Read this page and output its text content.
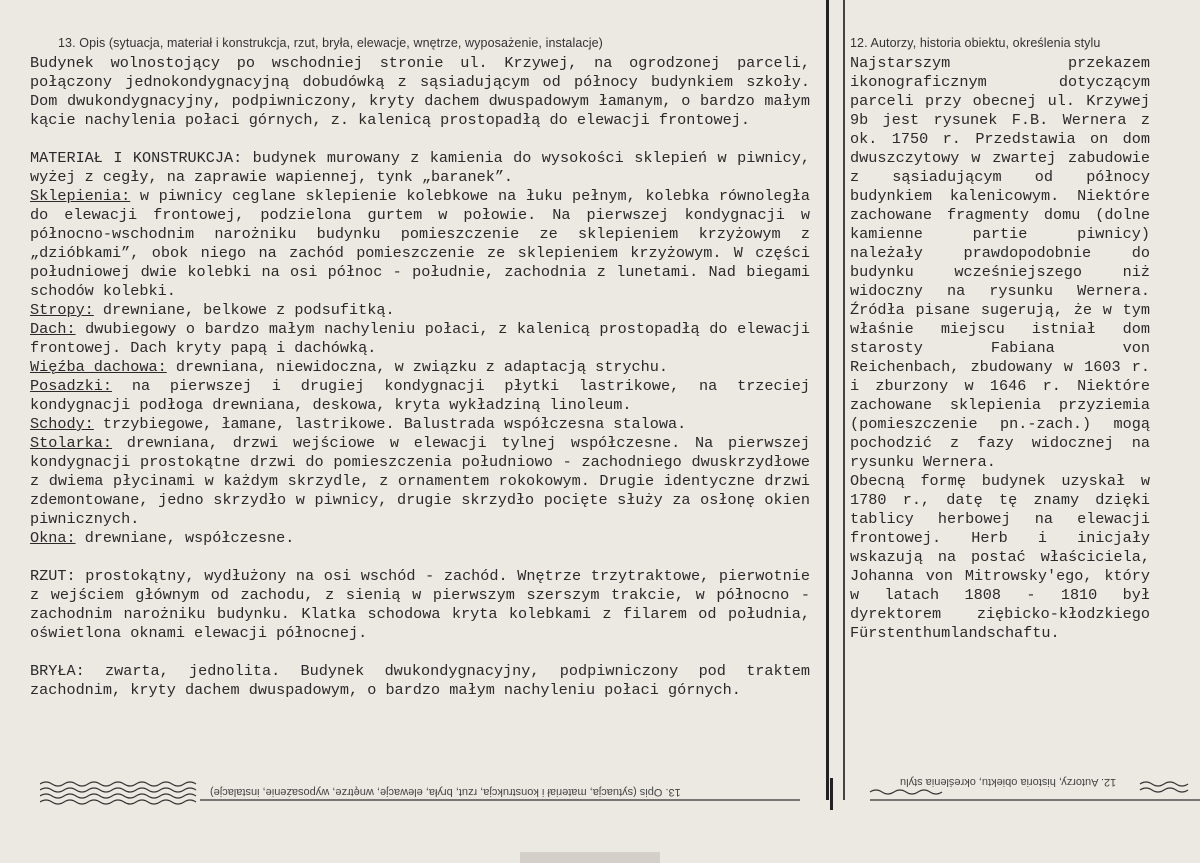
13. Opis (sytuacja, materiał i konstrukcja, rzut, bryła, elewacje, wnętrze, wyposażenie, instalacje)

Budynek wolnostojący po wschodniej stronie ul. Krzywej, na ogrodzonej parceli, połączony jednokondygnacyjną dobudówką z sąsiadującym od północy budynkiem szkoły. Dom dwukondygnacyjny, podpiwniczony, kryty dachem dwuspadowym łamanym, o bardzo małym kącie nachylenia połaci górnych, z. kalenicą prostopadłą do elewacji frontowej.

MATERIAŁ I KONSTRUKCJA: budynek murowany z kamienia do wysokości sklepień w piwnicy, wyżej z cegły, na zaprawie wapiennej, tynk „baranek”.

Sklepienia: w piwnicy ceglane sklepienie kolebkowe na łuku pełnym, kolebka równoległa do elewacji frontowej, podzielona gurtem w połowie. Na pierwszej kondygnacji w północno-wschodnim narożniku budynku pomieszczenie ze sklepieniem krzyżowym z „dzióbkami”, obok niego na zachód pomieszczenie ze sklepieniem krzyżowym. W części południowej dwie kolebki na osi północ - południe, zachodnia z lunetami. Nad biegami schodów kolebki.

Stropy: drewniane, belkowe z podsufitką.

Dach: dwubiegowy o bardzo małym nachyleniu połaci, z kalenicą prostopadłą do elewacji frontowej. Dach kryty papą i dachówką.

Więźba dachowa: drewniana, niewidoczna, w związku z adaptacją strychu.

Posadzki: na pierwszej i drugiej kondygnacji płytki lastrikowe, na trzeciej kondygnacji podłoga drewniana, deskowa, kryta wykładziną linoleum.

Schody: trzybiegowe, łamane, lastrikowe. Balustrada współczesna stalowa.

Stolarka: drewniana, drzwi wejściowe w elewacji tylnej współczesne. Na pierwszej kondygnacji prostokątne drzwi do pomieszczenia południowo - zachodniego dwuskrzydłowe z dwiema płycinami w każdym skrzydle, z ornamentem rokokowym. Drugie identyczne drzwi zdemontowane, jedno skrzydło w piwnicy, drugie skrzydło pocięte służy za osłonę okien piwnicznych.

Okna: drewniane, współczesne.

RZUT: prostokątny, wydłużony na osi wschód - zachód. Wnętrze trzytraktowe, pierwotnie z wejściem głównym od zachodu, z sienią w pierwszym szerszym trakcie, w północno - zachodnim narożniku budynku. Klatka schodowa kryta kolebkami z filarem od południa, oświetlona oknami elewacji północnej.

BRYŁA: zwarta, jednolita. Budynek dwukondygnacyjny, podpiwniczony pod traktem zachodnim, kryty dachem dwuspadowym, o bardzo małym nachyleniu połaci górnych.

12. Autorzy, historia obiektu, określenia stylu

Najstarszym przekazem ikonograficznym dotyczącym parceli przy obecnej ul. Krzywej 9b jest rysunek F.B. Wernera z ok. 1750 r. Przedstawia on dom dwuszczytowy w zwartej zabudowie z sąsiadującym od północy budynkiem kalenicowym. Niektóre zachowane fragmenty domu (dolne kamienne partie piwnicy) należały prawdopodobnie do budynku wcześniejszego niż widoczny na rysunku Wernera. Źródła pisane sugerują, że w tym właśnie miejscu istniał dom starosty Fabiana von Reichenbach, zbudowany w 1603 r. i zburzony w 1646 r. Niektóre zachowane sklepienia przyziemia (pomieszczenie pn.-zach.) mogą pochodzić z fazy widocznej na rysunku Wernera.

Obecną formę budynek uzyskał w 1780 r., datę tę znamy dzięki tablicy herbowej na elewacji frontowej. Herb i inicjały wskazują na postać właściciela, Johanna von Mitrowsky'ego, który w latach 1808 - 1810 był dyrektorem ziębicko-kłodzkiego Fürstenthumlandschaftu.

13. Opis (sytuacja, materiał i konstrukcja, rzut, bryła, elewacje, wnętrze, wyposażenie, instalacje)
12. Autorzy, historia obiektu, określenia stylu
